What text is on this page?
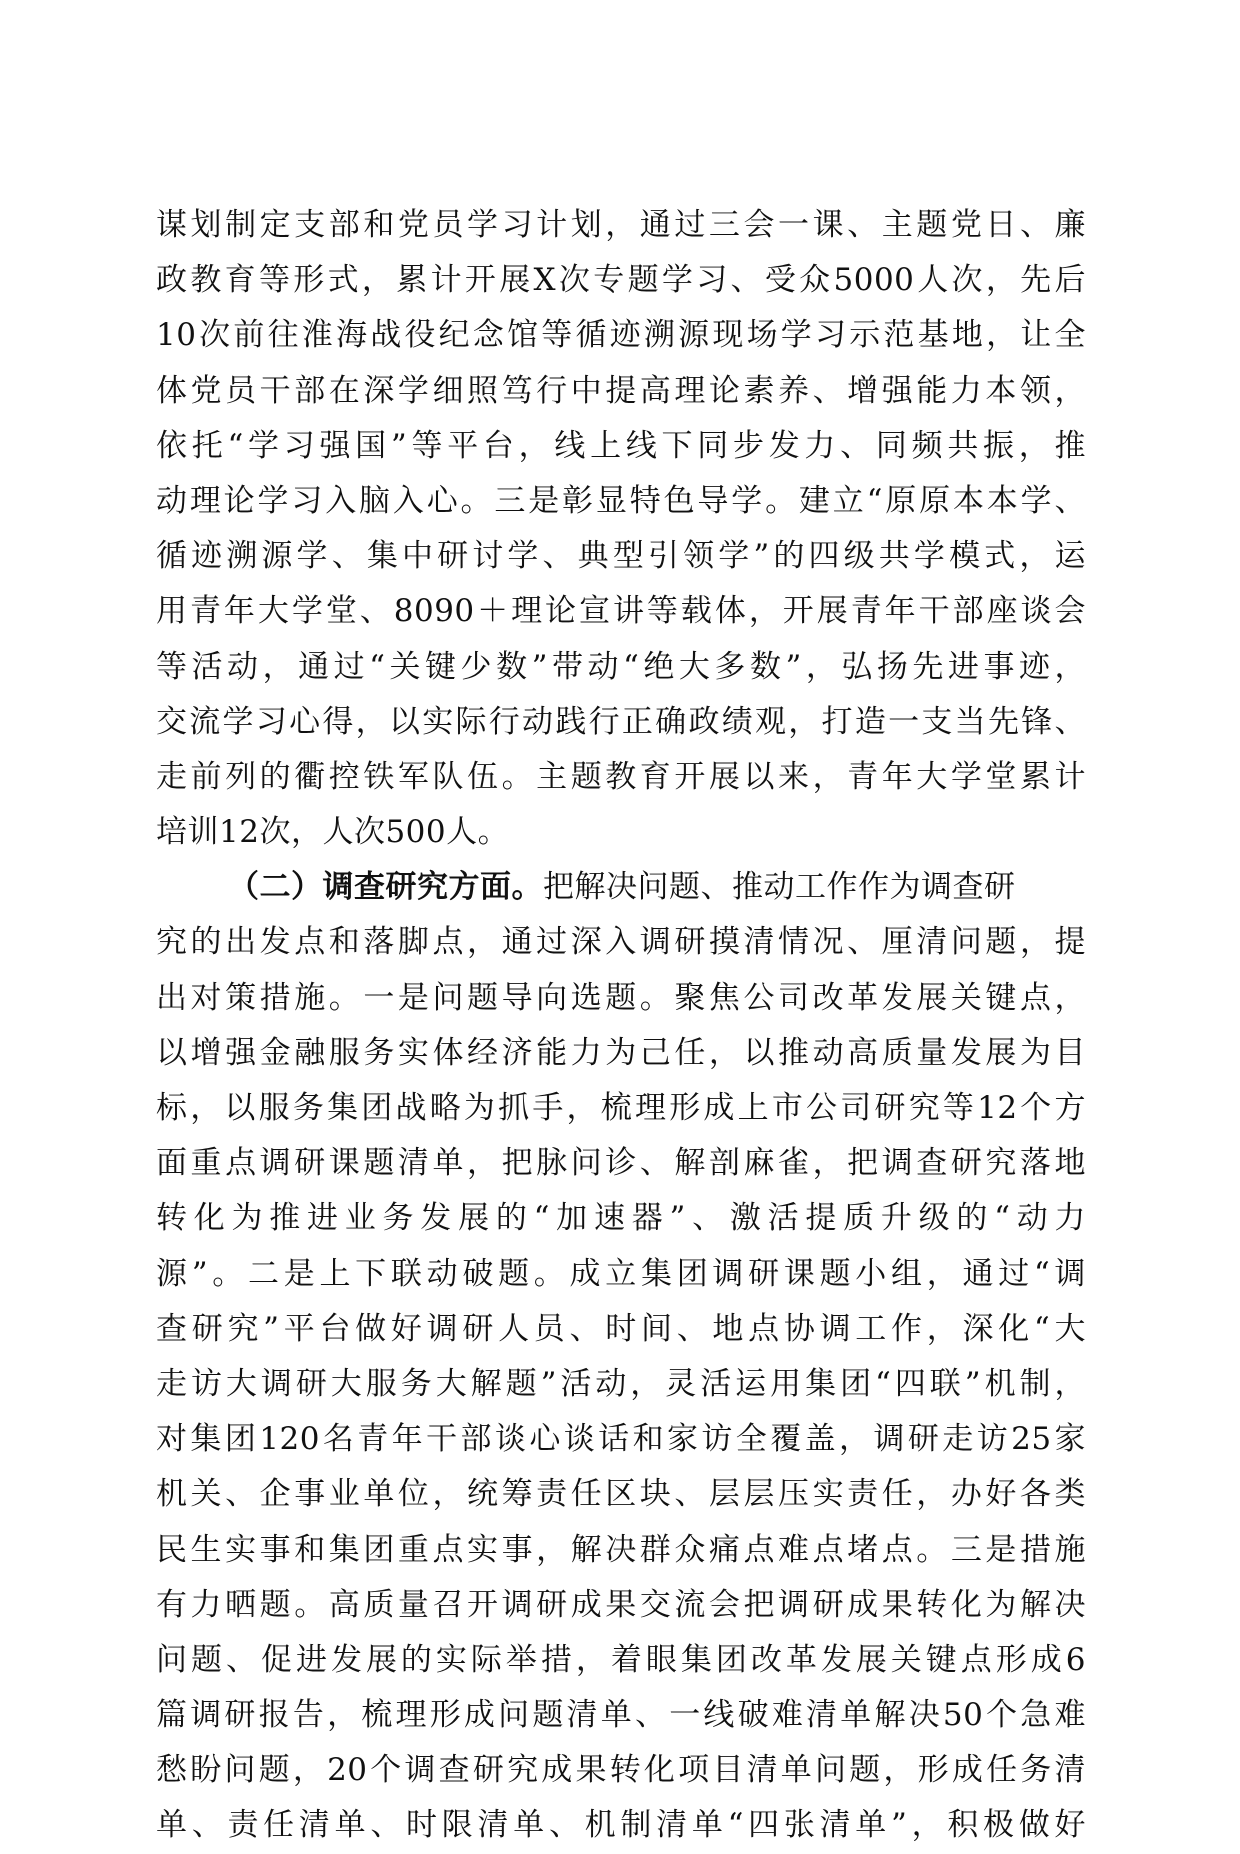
谋划制定支部和党员学习计划，通过三会一课、主题党日、廉
政教育等形式，累计开展X次专题学习、受众5000人次，先后
10次前往淮海战役纪念馆等循迹溯源现场学习示范基地，让全
体党员干部在深学细照笃行中提高理论素养、增强能力本领，
依托“学习强国”等平台，线上线下同步发力、同频共振，推
动理论学习入脑入心。三是彰显特色导学。建立“原原本本学、
循迹溯源学、集中研讨学、典型引领学”的四级共学模式，运
用青年大学堂、8090＋理论宣讲等载体，开展青年干部座谈会
等活动，通过“关键少数”带动“绝大多数”，弘扬先进事迹，
交流学习心得，以实际行动践行正确政绩观，打造一支当先锋、
走前列的衢控铁军队伍。主题教育开展以来，青年大学堂累计
培训12次，人次500人。
（二）调查研究方面。把解决问题、推动工作作为调查研
究的出发点和落脚点，通过深入调研摸清情况、厘清问题，提
出对策措施。一是问题导向选题。聚焦公司改革发展关键点，
以增强金融服务实体经济能力为己任，以推动高质量发展为目
标，以服务集团战略为抓手，梳理形成上市公司研究等12个方
面重点调研课题清单，把脉问诊、解剖麻雀，把调查研究落地
转化为推进业务发展的“加速器”、激活提质升级的“动力
源”。二是上下联动破题。成立集团调研课题小组，通过“调
查研究”平台做好调研人员、时间、地点协调工作，深化“大
走访大调研大服务大解题”活动，灵活运用集团“四联”机制，
对集团120名青年干部谈心谈话和家访全覆盖，调研走访25家
机关、企事业单位，统筹责任区块、层层压实责任，办好各类
民生实事和集团重点实事，解决群众痛点难点堵点。三是措施
有力晒题。高质量召开调研成果交流会把调研成果转化为解决
问题、促进发展的实际举措，着眼集团改革发展关键点形成6
篇调研报告，梳理形成问题清单、一线破难清单解决50个急难
愁盼问题，20个调查研究成果转化项目清单问题，形成任务清
单、责任清单、时限清单、机制清单“四张清单”，积极做好
